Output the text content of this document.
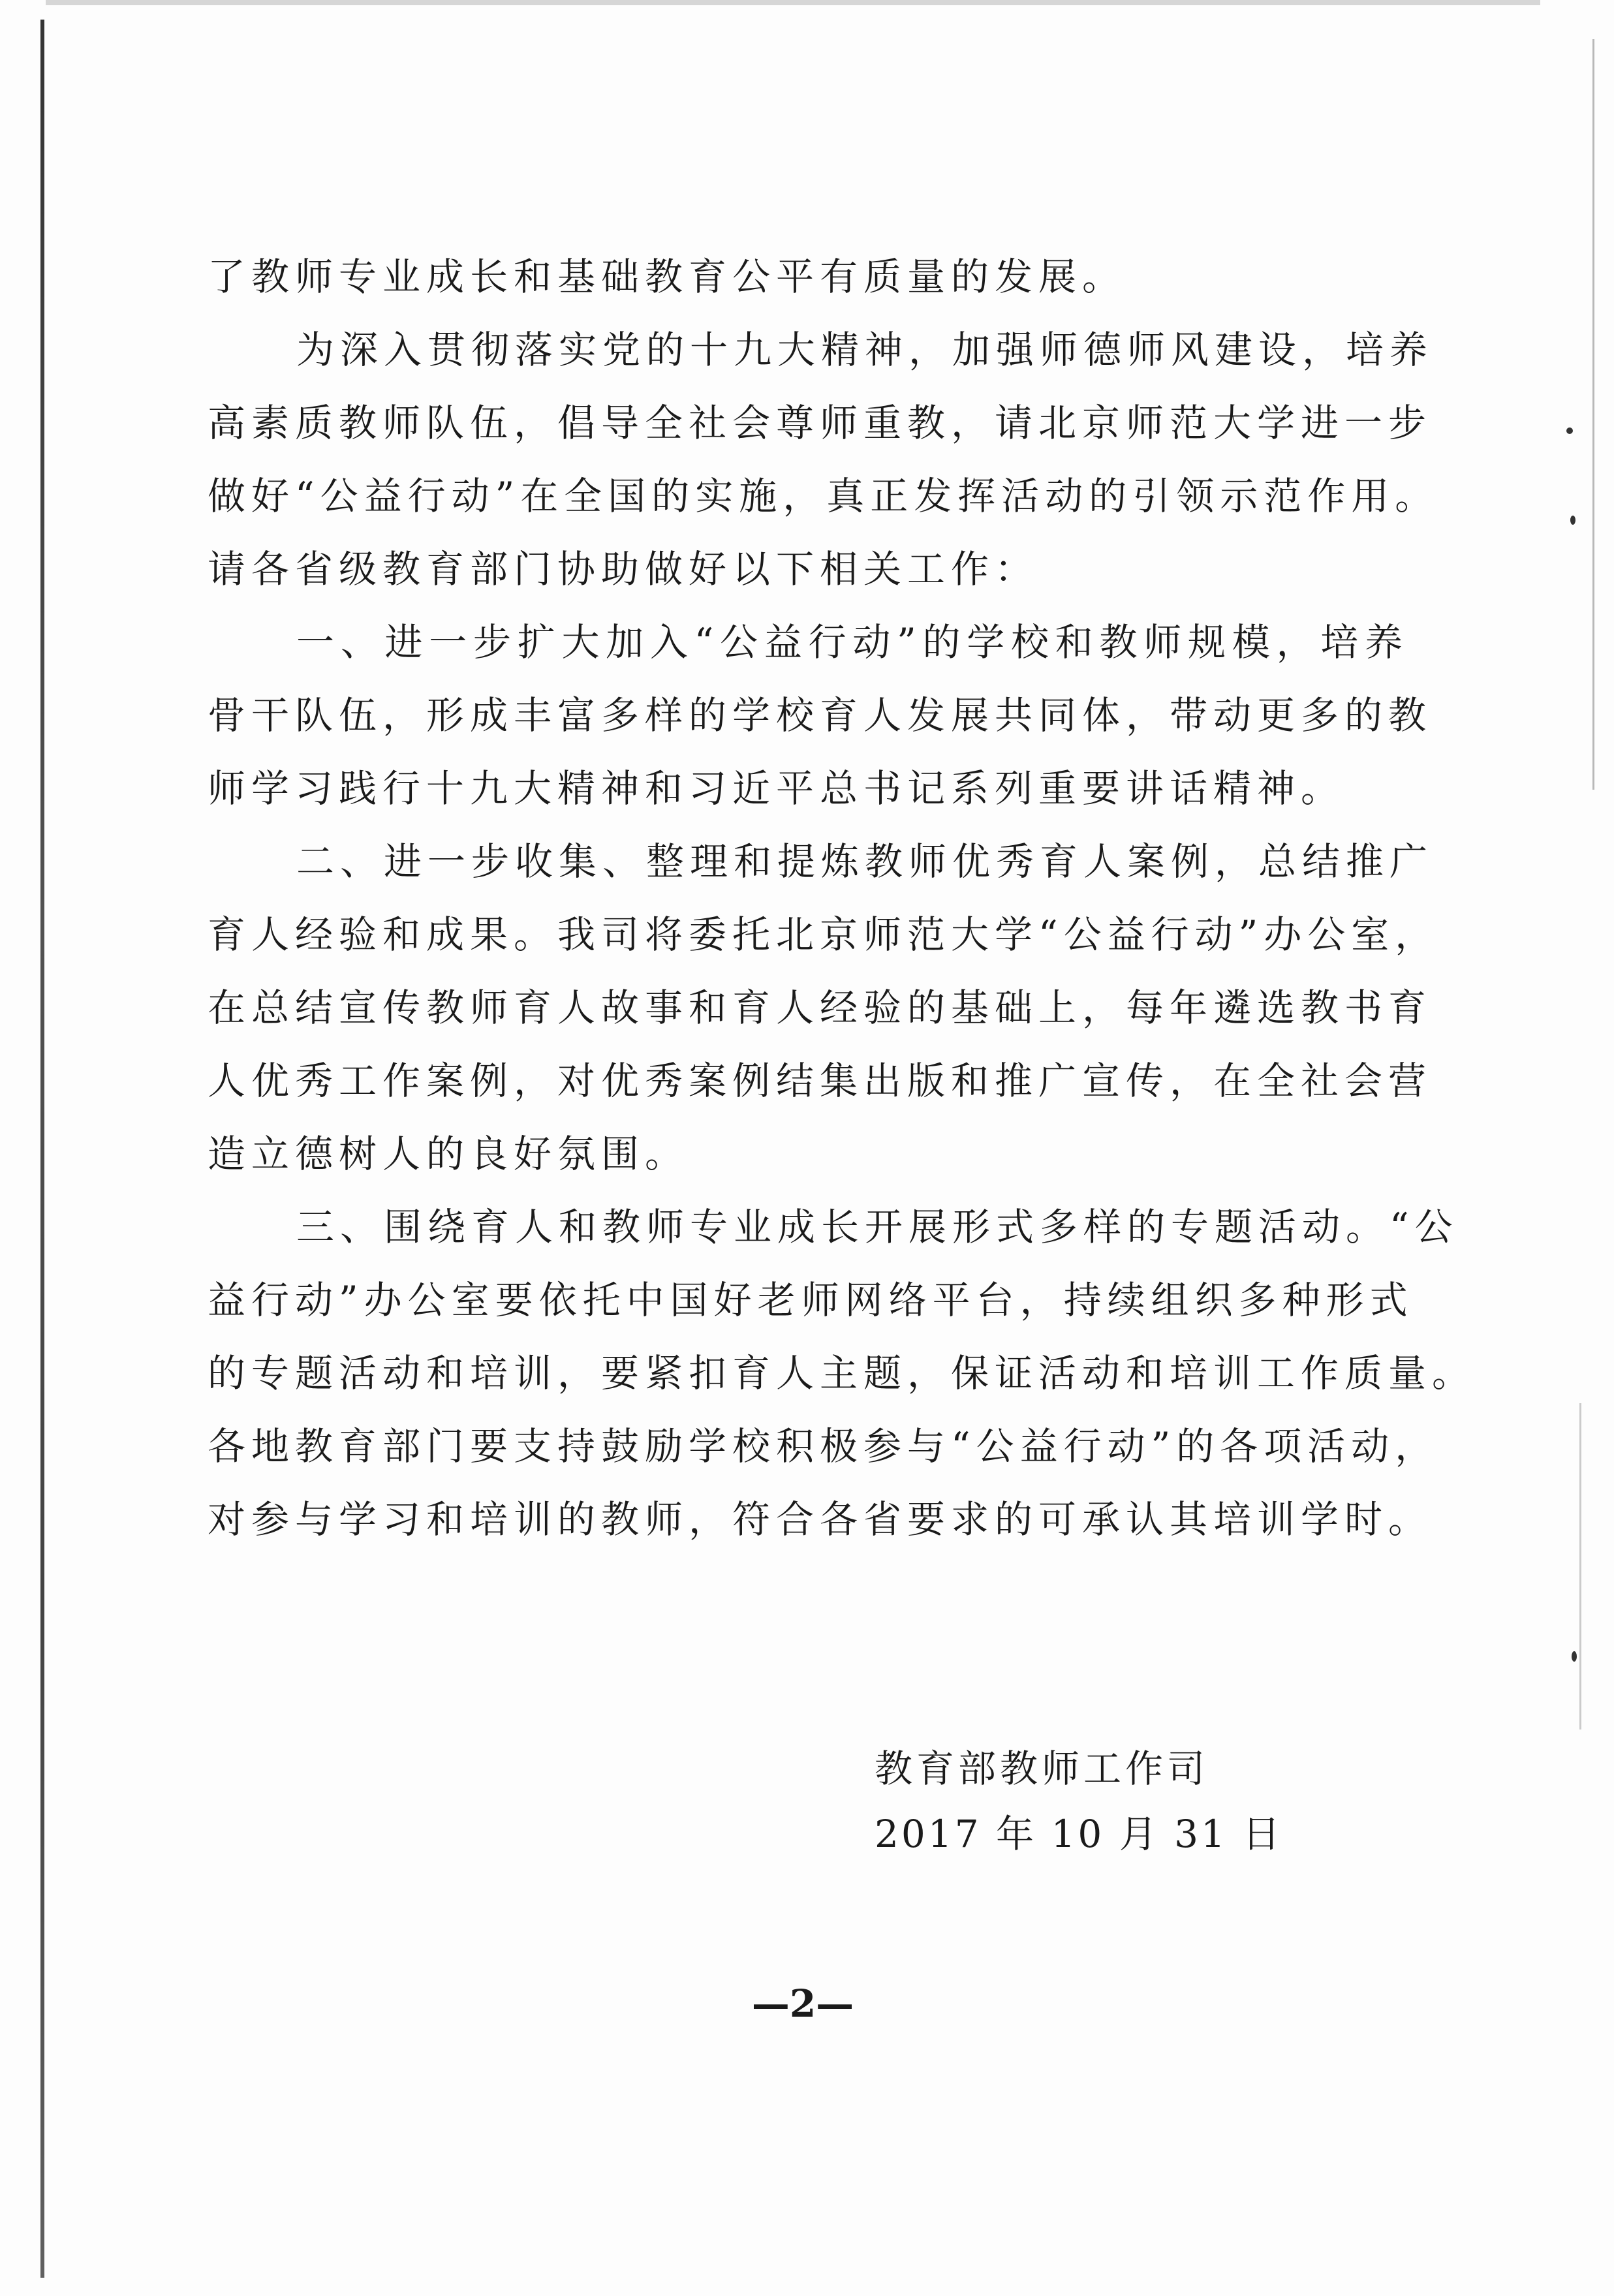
了教师专业成长和基础教育公平有质量的发展。

为深入贯彻落实党的十九大精神，加强师德师风建设，培养

高素质教师队伍，倡导全社会尊师重教，请北京师范大学进一步

做好“公益行动”在全国的实施，真正发挥活动的引领示范作用。

请各省级教育部门协助做好以下相关工作：

一、进一步扩大加入“公益行动”的学校和教师规模，培养

骨干队伍，形成丰富多样的学校育人发展共同体，带动更多的教

师学习践行十九大精神和习近平总书记系列重要讲话精神。

二、进一步收集、整理和提炼教师优秀育人案例，总结推广

育人经验和成果。我司将委托北京师范大学“公益行动”办公室，

在总结宣传教师育人故事和育人经验的基础上，每年遴选教书育

人优秀工作案例，对优秀案例结集出版和推广宣传，在全社会营

造立德树人的良好氛围。

三、围绕育人和教师专业成长开展形式多样的专题活动。“公

益行动”办公室要依托中国好老师网络平台，持续组织多种形式

的专题活动和培训，要紧扣育人主题，保证活动和培训工作质量。

各地教育部门要支持鼓励学校积极参与“公益行动”的各项活动，

对参与学习和培训的教师，符合各省要求的可承认其培训学时。

教育部教师工作司
2017 年 10 月 31 日
—2—
